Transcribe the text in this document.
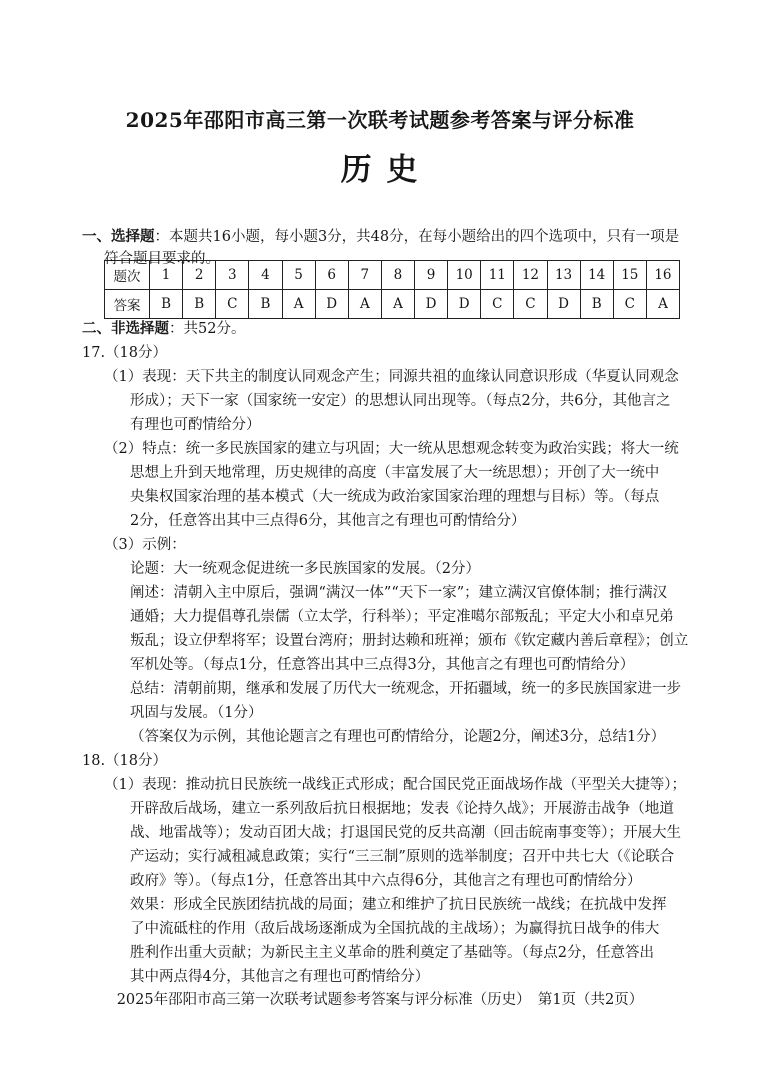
2025年邵阳市高三第一次联考试题参考答案与评分标准
历 史
一、选择题：本题共16小题，每小题3分，共48分，在每小题给出的四个选项中，只有一项是
题次	1	2	3	4	5	6	7	8	9	10	11	12	13	14	15	16
答案	B	B	C	B	A	D	A	A	D	D	C	C	D	B	C	A
二、非选择题：共52分。
17.（18分）
（1）表现：天下共主的制度认同观念产生；同源共祖的血缘认同意识形成（华夏认同观念
形成）；天下一家（国家统一安定）的思想认同出现等。（每点2分，共6分，其他言之
有理也可酌情给分）
（2）特点：统一多民族国家的建立与巩固；大一统从思想观念转变为政治实践；将大一统
思想上升到天地常理，历史规律的高度（丰富发展了大一统思想）；开创了大一统中
央集权国家治理的基本模式（大一统成为政治家国家治理的理想与目标）等。（每点
2分，任意答出其中三点得6分，其他言之有理也可酌情给分）
（3）示例：
论题：大一统观念促进统一多民族国家的发展。（2分）
阐述：清朝入主中原后，强调“满汉一体”“天下一家”；建立满汉官僚体制；推行满汉
通婚；大力提倡尊孔崇儒（立太学，行科举）；平定准噶尔部叛乱；平定大小和卓兄弟
叛乱；设立伊犁将军；设置台湾府；册封达赖和班禅；颁布《钦定藏内善后章程》；创立
军机处等。（每点1分，任意答出其中三点得3分，其他言之有理也可酌情给分）
总结：清朝前期，继承和发展了历代大一统观念，开拓疆域，统一的多民族国家进一步
巩固与发展。（1分）
（答案仅为示例，其他论题言之有理也可酌情给分，论题2分，阐述3分，总结1分）
18.（18分）
（1）表现：推动抗日民族统一战线正式形成；配合国民党正面战场作战（平型关大捷等）；
开辟敌后战场，建立一系列敌后抗日根据地；发表《论持久战》；开展游击战争（地道
战、地雷战等）；发动百团大战；打退国民党的反共高潮（回击皖南事变等）；开展大生
产运动；实行减租减息政策；实行“三三制”原则的选举制度；召开中共七大（《论联合
政府》等）。（每点1分，任意答出其中六点得6分，其他言之有理也可酌情给分）
效果：形成全民族团结抗战的局面；建立和维护了抗日民族统一战线；在抗战中发挥
了中流砥柱的作用（敌后战场逐渐成为全国抗战的主战场）；为赢得抗日战争的伟大
胜利作出重大贡献；为新民主主义革命的胜利奠定了基础等。（每点2分，任意答出
其中两点得4分，其他言之有理也可酌情给分）
2025年邵阳市高三第一次联考试题参考答案与评分标准（历史）　第1页（共2页）
符合题目要求的。
